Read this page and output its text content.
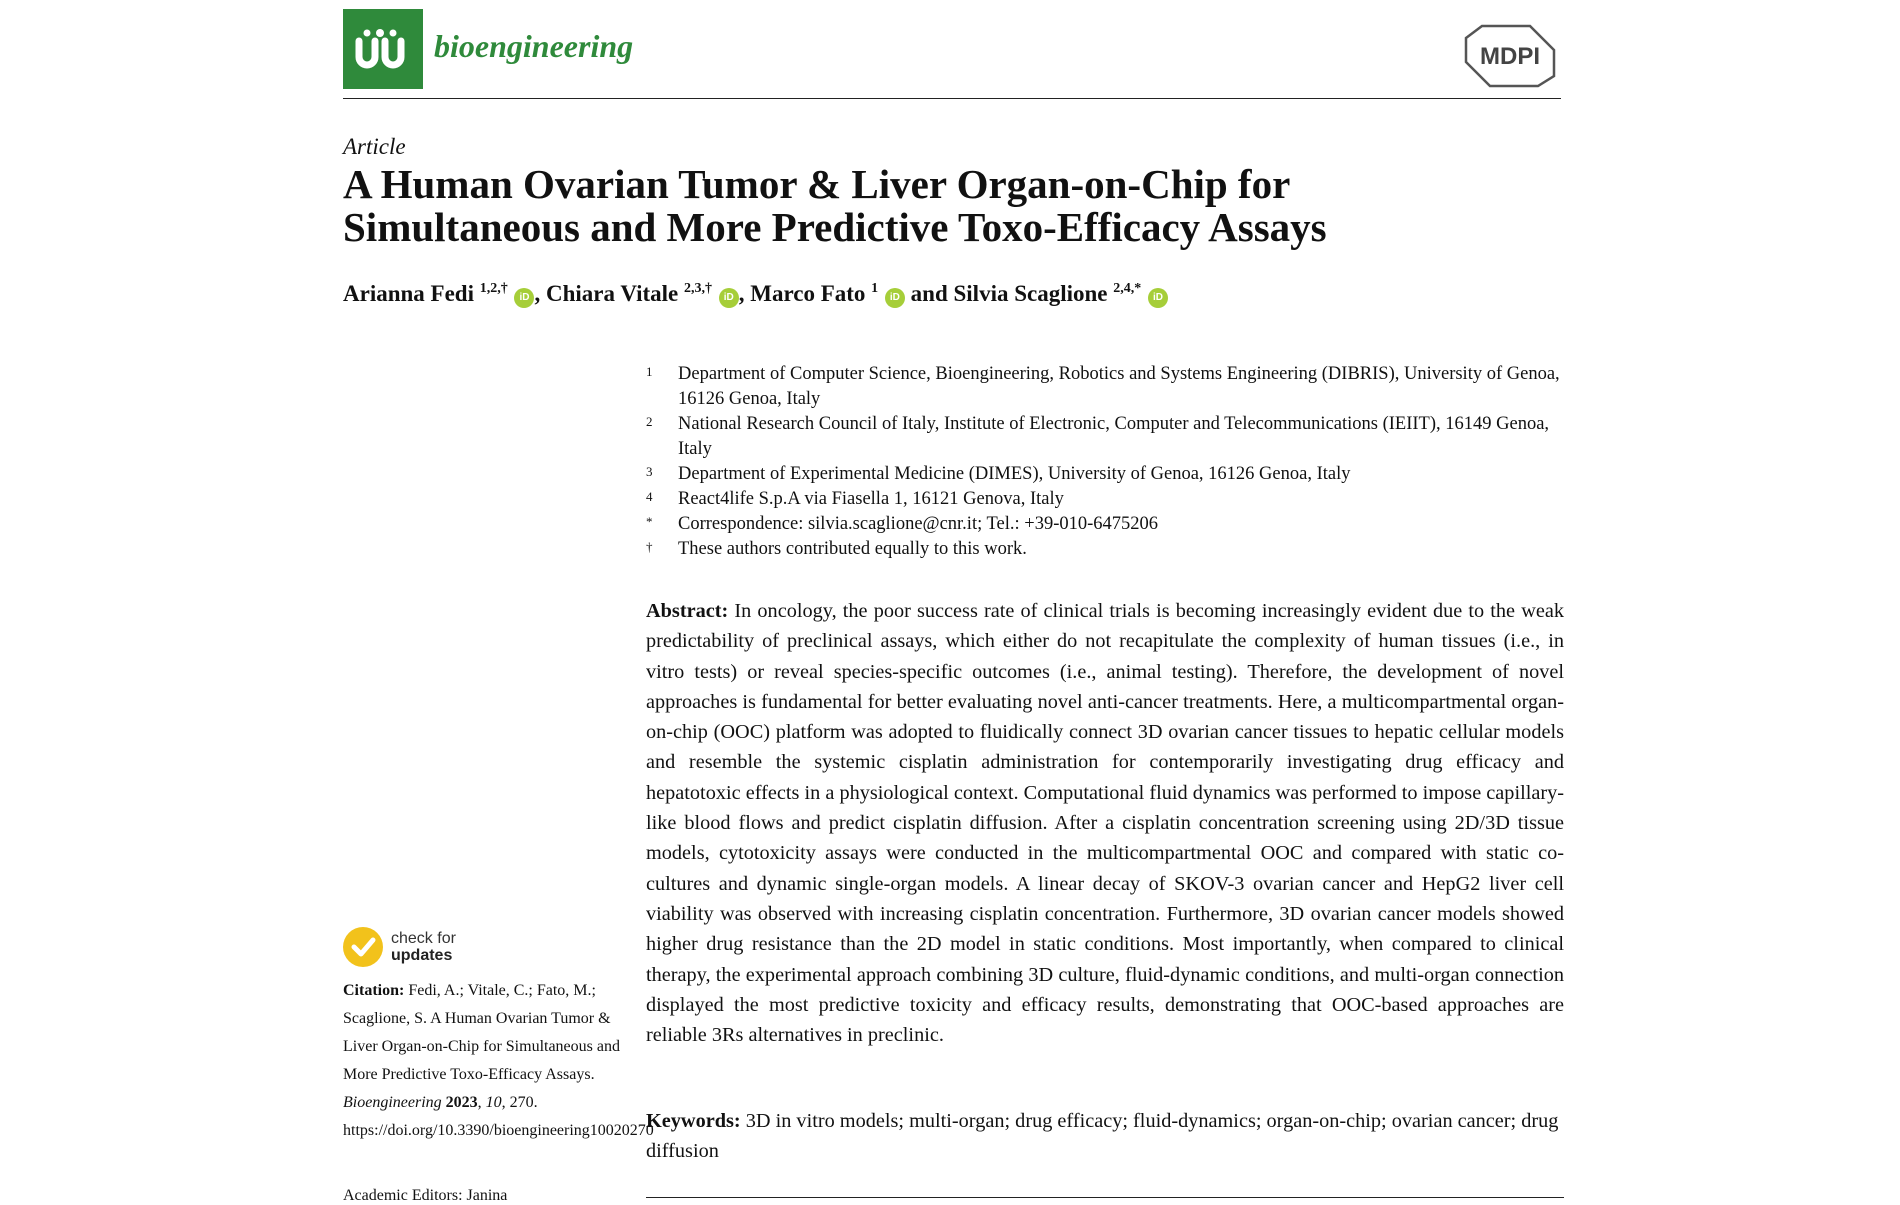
bioengineering	MDPI
Article
A Human Ovarian Tumor & Liver Organ-on-Chip for Simultaneous and More Predictive Toxo-Efficacy Assays
Arianna Fedi $^{1,2,\dagger}$ iD , Chiara Vitale $^{2,3,\dagger}$ iD , Marco Fato $^1$ iD and Silvia Scaglione $^{2,4,*}$ iD
1	Department of Computer Science, Bioengineering, Robotics and Systems Engineering (DIBRIS), University of Genoa, 16126 Genoa, Italy
2	National Research Council of Italy, Institute of Electronic, Computer and Telecommunications (IEIIT), 16149 Genoa, Italy
3	Department of Experimental Medicine (DIMES), University of Genoa, 16126 Genoa, Italy
4	React4life S.p.A via Fiasella 1, 16121 Genova, Italy
*	Correspondence: silvia.scaglione@cnr.it; Tel.: +39-010-6475206
†	These authors contributed equally to this work.

Abstract: In oncology, the poor success rate of clinical trials is becoming increasingly evident due to the weak predictability of preclinical assays, which either do not recapitulate the complexity of human tissues (i.e., in vitro tests) or reveal species-specific outcomes (i.e., animal testing). Therefore, the development of novel approaches is fundamental for better evaluating novel anti-cancer treatments. Here, a multicompartmental organ-on-chip (OOC) platform was adopted to fluidically connect 3D ovarian cancer tissues to hepatic cellular models and resemble the systemic cisplatin administration for contemporarily investigating drug efficacy and hepatotoxic effects in a physiological context. Computational fluid dynamics was performed to impose capillary-like blood flows and predict cisplatin diffusion. After a cisplatin concentration screening using 2D/3D tissue models, cytotoxicity assays were conducted in the multicompartmental OOC and compared with static co-cultures and dynamic single-organ models. A linear decay of SKOV-3 ovarian cancer and HepG2 liver cell viability was observed with increasing cisplatin concentration. Furthermore, 3D ovarian cancer models showed higher drug resistance than the 2D model in static conditions. Most importantly, when compared to clinical therapy, the experimental approach combining 3D culture, fluid-dynamic conditions, and multi-organ connection displayed the most predictive toxicity and efficacy results, demonstrating that OOC-based approaches are reliable 3Rs alternatives in preclinic.

Keywords: 3D in vitro models; multi-organ; drug efficacy; fluid-dynamics; organ-on-chip; ovarian cancer; drug diffusion

check for
updates

Citation: Fedi, A.; Vitale, C.; Fato, M.; Scaglione, S. A Human Ovarian Tumor & Liver Organ-on-Chip for Simultaneous and More Predictive Toxo-Efficacy Assays. Bioengineering 2023, 10, 270. https://doi.org/10.3390/bioengineering10020270

Academic Editors: Janina
